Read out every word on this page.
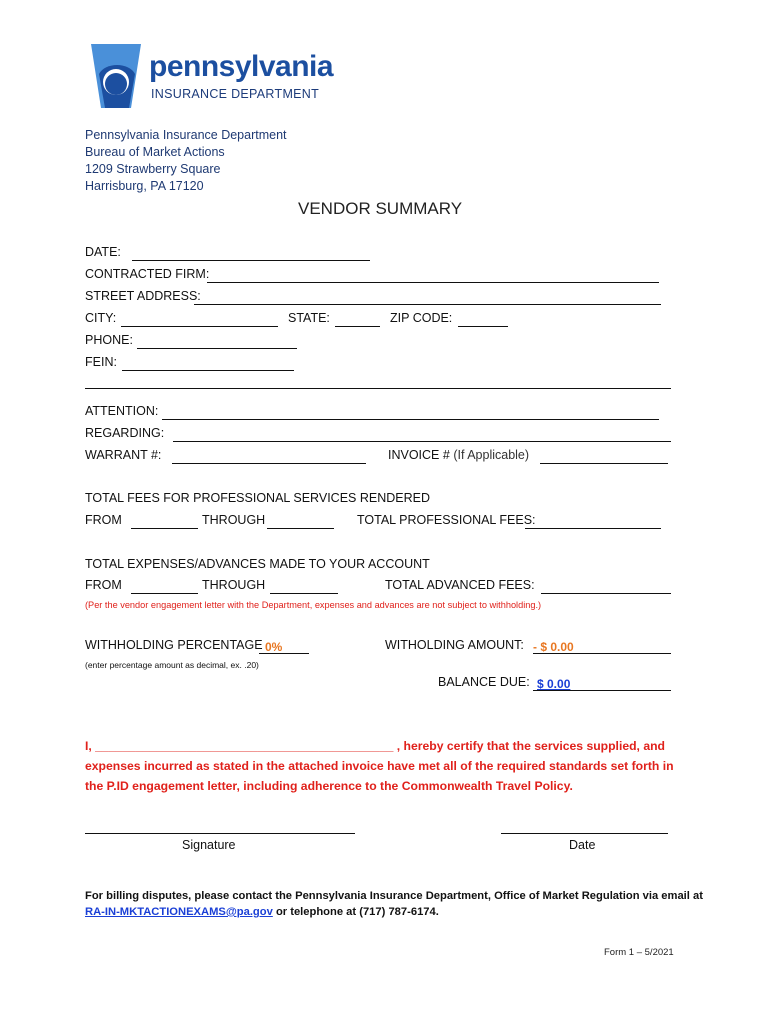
pennsylvania
INSURANCE DEPARTMENT
Pennsylvania Insurance Department
Bureau of Market Actions
1209 Strawberry Square
Harrisburg, PA 17120
VENDOR SUMMARY
DATE:
CONTRACTED FIRM:
STREET ADDRESS:
CITY:	STATE:	ZIP CODE:
PHONE:
FEIN:
ATTENTION:
REGARDING:
WARRANT #:	INVOICE # (If Applicable)
TOTAL FEES FOR PROFESSIONAL SERVICES RENDERED
FROM	THROUGH	TOTAL PROFESSIONAL FEES:
TOTAL EXPENSES/ADVANCES MADE TO YOUR ACCOUNT
FROM	THROUGH	TOTAL ADVANCED FEES:
(Per the vendor engagement letter with the Department, expenses and advances are not subject to withholding.)
WITHHOLDING PERCENTAGE 0%
(enter percentage amount as decimal, ex. .20)
WITHOLDING AMOUNT: - $ 0.00
BALANCE DUE: $ 0.00
I, ____________________________________________ , hereby certify that the services supplied, and
expenses incurred as stated in the attached invoice have met all of the required standards set forth in
the P.ID engagement letter, including adherence to the Commonwealth Travel Policy.
Signature	Date
For billing disputes, please contact the Pennsylvania Insurance Department, Office of Market Regulation via email at
RA-IN-MKTACTIONEXAMS@pa.gov or telephone at (717) 787-6174.
Form 1 – 5/2021
